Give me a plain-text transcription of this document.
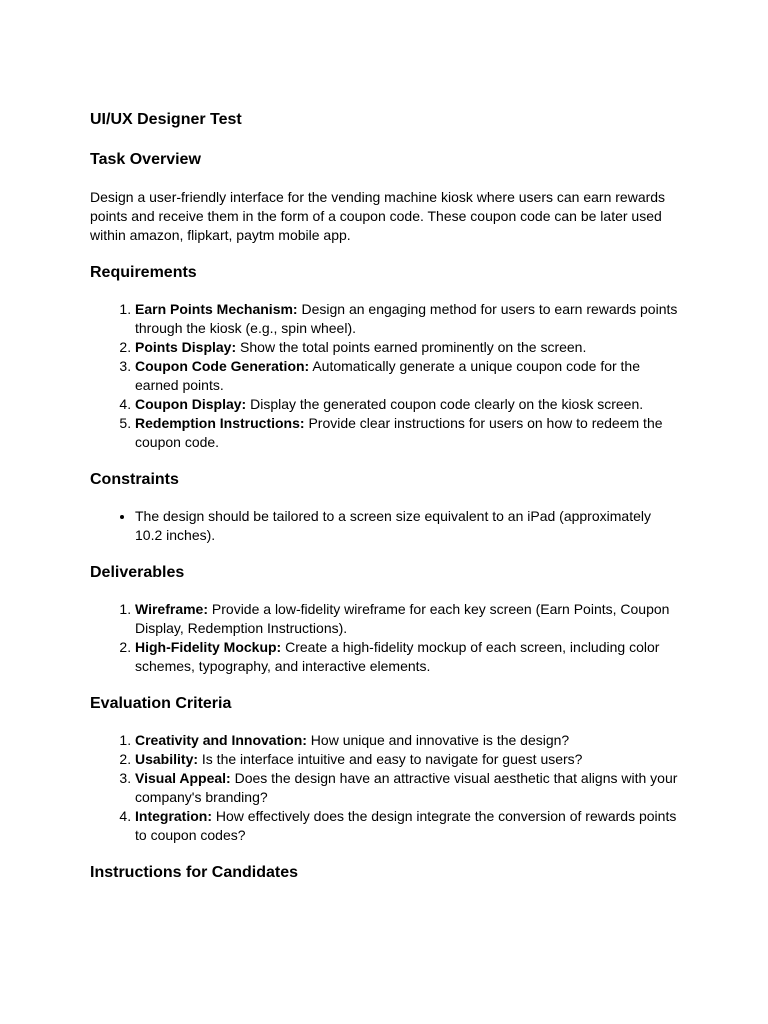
UI/UX Designer Test
Task Overview

Design a user-friendly interface for the vending machine kiosk where users can earn rewards points and receive them in the form of a coupon code. These coupon code can be later used within amazon, flipkart, paytm mobile app.

Requirements
1. Earn Points Mechanism: Design an engaging method for users to earn rewards points through the kiosk (e.g., spin wheel).
2. Points Display: Show the total points earned prominently on the screen.
3. Coupon Code Generation: Automatically generate a unique coupon code for the earned points.
4. Coupon Display: Display the generated coupon code clearly on the kiosk screen.
5. Redemption Instructions: Provide clear instructions for users on how to redeem the coupon code.
Constraints
• The design should be tailored to a screen size equivalent to an iPad (approximately 10.2 inches).
Deliverables
1. Wireframe: Provide a low-fidelity wireframe for each key screen (Earn Points, Coupon Display, Redemption Instructions).
2. High-Fidelity Mockup: Create a high-fidelity mockup of each screen, including color schemes, typography, and interactive elements.
Evaluation Criteria
1. Creativity and Innovation: How unique and innovative is the design?
2. Usability: Is the interface intuitive and easy to navigate for guest users?
3. Visual Appeal: Does the design have an attractive visual aesthetic that aligns with your company's branding?
4. Integration: How effectively does the design integrate the conversion of rewards points to coupon codes?
Instructions for Candidates
